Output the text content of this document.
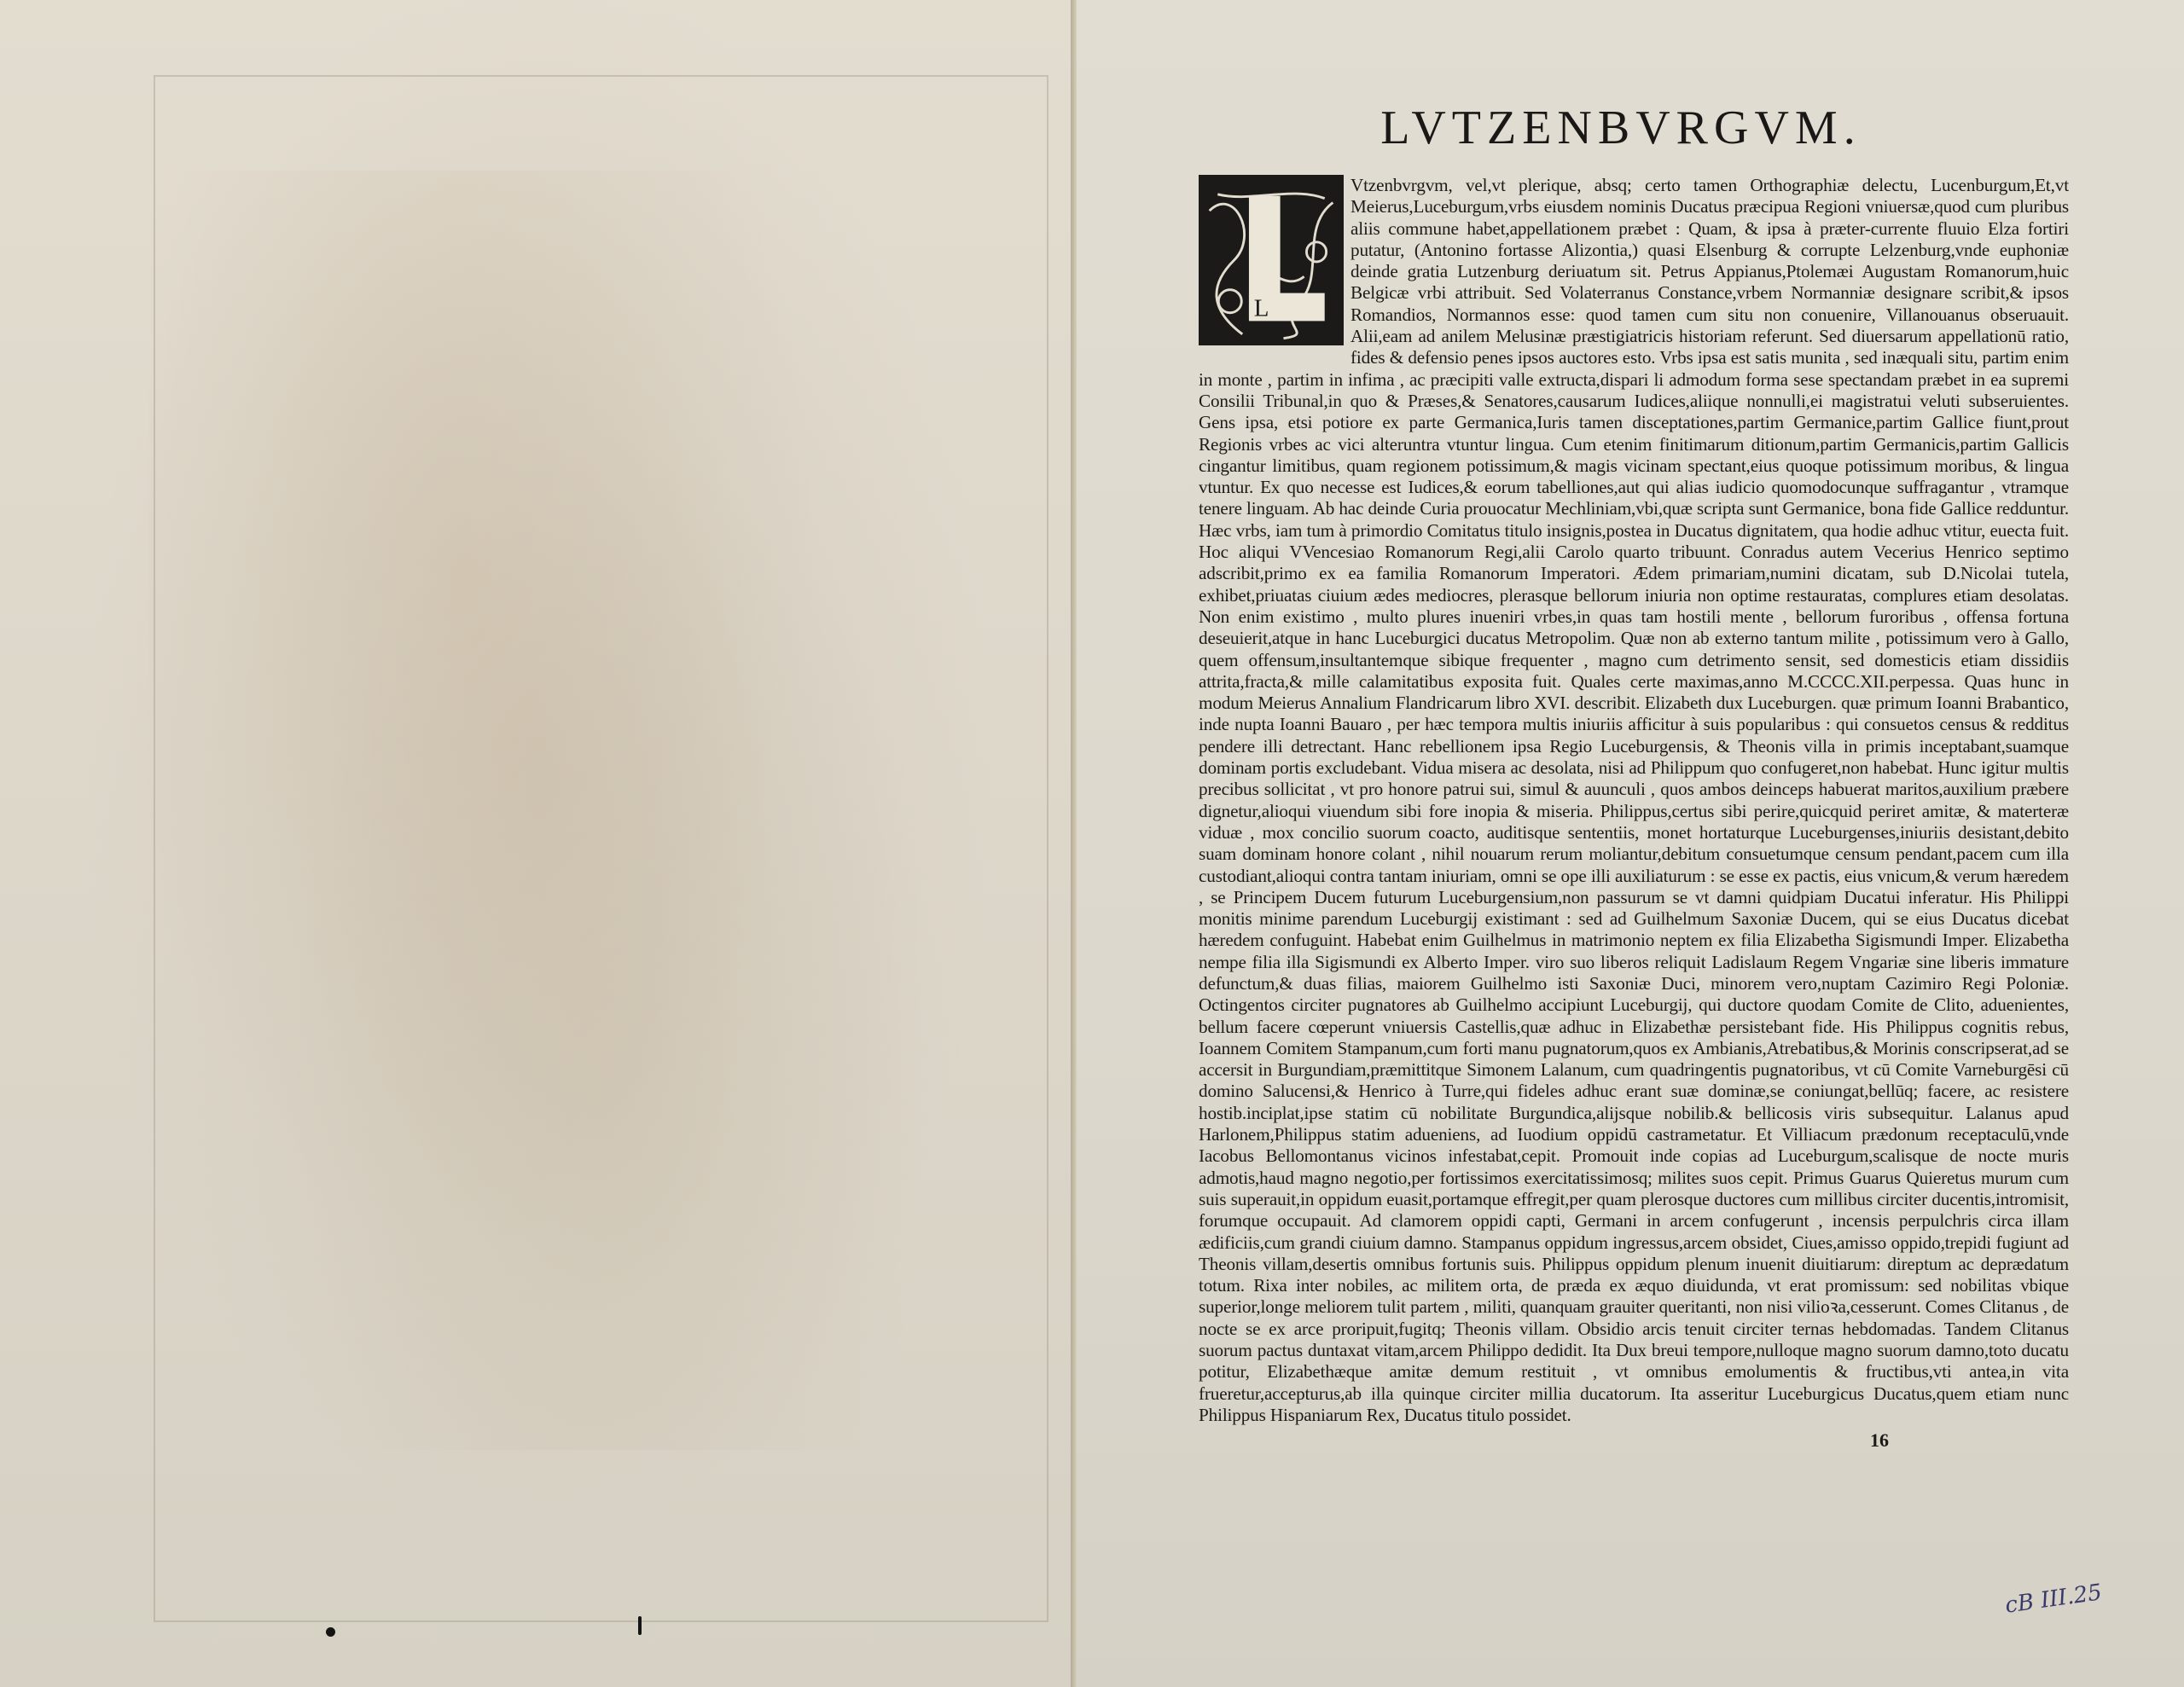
LVTZENBVRGVM.
L
Vtzenbvrgvm, vel,vt plerique, absq; certo tamen Orthographiæ delectu, Lucenburgum,Et,vt Meierus,Luceburgum,vrbs eiusdem nominis Ducatus præcipua Regioni vniuersæ,quod cum pluribus aliis commune habet,appellationem præbet : Quam, & ipsa à præter-currente fluuio Elza fortiri putatur, (Antonino fortasse Alizontia,) quasi Elsenburg & corrupte Lelzenburg,vnde euphoniæ deinde gratia Lutzenburg deriuatum sit. Petrus Appianus,Ptolemæi Augustam Romanorum,huic Belgicæ vrbi attribuit. Sed Volaterranus Constance,vrbem Normanniæ designare scribit,& ipsos Romandios, Normannos esse: quod tamen cum situ non conuenire, Villanouanus obseruauit. Alii,eam ad anilem Melusinæ præstigiatricis historiam referunt. Sed diuersarum appellationū ratio, fides & defensio penes ipsos auctores esto. Vrbs ipsa est satis munita , sed inæquali situ, partim enim in monte , partim in infima , ac præcipiti valle extructa,dispari li admodum forma sese spectandam præbet in ea supremi Consilii Tribunal,in quo & Præses,& Senatores,causarum Iudices,aliique nonnulli,ei magistratui veluti subseruientes. Gens ipsa, etsi potiore ex parte Germanica,Iuris tamen disceptationes,partim Germanice,partim Gallice fiunt,prout Regionis vrbes ac vici alteruntra vtuntur lingua. Cum etenim finitimarum ditionum,partim Germanicis,partim Gallicis cingantur limitibus, quam regionem potissimum,& magis vicinam spectant,eius quoque potissimum moribus, & lingua vtuntur. Ex quo necesse est Iudices,& eorum tabelliones,aut qui alias iudicio quomodocunque suffragantur , vtramque tenere linguam. Ab hac deinde Curia prouocatur Mechliniam,vbi,quæ scripta sunt Germanice, bona fide Gallice redduntur. Hæc vrbs, iam tum à primordio Comitatus titulo insignis,postea in Ducatus dignitatem, qua hodie adhuc vtitur, euecta fuit. Hoc aliqui VVencesiao Romanorum Regi,alii Carolo quarto tribuunt. Conradus autem Vecerius Henrico septimo adscribit,primo ex ea familia Romanorum Imperatori. Ædem primariam,numini dicatam, sub D.Nicolai tutela, exhibet,priuatas ciuium ædes mediocres, plerasque bellorum iniuria non optime restauratas, complures etiam desolatas. Non enim existimo , multo plures inueniri vrbes,in quas tam hostili mente , bellorum furoribus , offensa fortuna deseuierit,atque in hanc Luceburgici ducatus Metropolim. Quæ non ab externo tantum milite , potissimum vero à Gallo, quem offensum,insultantemque sibique frequenter , magno cum detrimento sensit, sed domesticis etiam dissidiis attrita,fracta,& mille calamitatibus exposita fuit. Quales certe maximas,anno M.CCCC.XII.perpessa. Quas hunc in modum Meierus Annalium Flandricarum libro XVI. describit. Elizabeth dux Luceburgen. quæ primum Ioanni Brabantico, inde nupta Ioanni Bauaro , per hæc tempora multis iniuriis afficitur à suis popularibus : qui consuetos census & redditus pendere illi detrectant. Hanc rebellionem ipsa Regio Luceburgensis, & Theonis villa in primis inceptabant,suamque dominam portis excludebant. Vidua misera ac desolata, nisi ad Philippum quo confugeret,non habebat. Hunc igitur multis precibus sollicitat , vt pro honore patrui sui, simul & auunculi , quos ambos deinceps habuerat maritos,auxilium præbere dignetur,alioqui viuendum sibi fore inopia & miseria. Philippus,certus sibi perire,quicquid periret amitæ, & materteræ viduæ , mox concilio suorum coacto, auditisque sententiis, monet hortaturque Luceburgenses,iniuriis desistant,debito suam dominam honore colant , nihil nouarum rerum moliantur,debitum consuetumque censum pendant,pacem cum illa custodiant,alioqui contra tantam iniuriam, omni se ope illi auxiliaturum : se esse ex pactis, eius vnicum,& verum hæredem , se Principem Ducem futurum Luceburgensium,non passurum se vt damni quidpiam Ducatui inferatur. His Philippi monitis minime parendum Luceburgij existimant : sed ad Guilhelmum Saxoniæ Ducem, qui se eius Ducatus dicebat hæredem confuguint. Habebat enim Guilhelmus in matrimonio neptem ex filia Elizabetha Sigismundi Imper. Elizabetha nempe filia illa Sigismundi ex Alberto Imper. viro suo liberos reliquit Ladislaum Regem Vngariæ sine liberis immature defunctum,& duas filias, maiorem Guilhelmo isti Saxoniæ Duci, minorem vero,nuptam Cazimiro Regi Poloniæ. Octingentos circiter pugnatores ab Guilhelmo accipiunt Luceburgij, qui ductore quodam Comite de Clito, aduenientes, bellum facere cœperunt vniuersis Castellis,quæ adhuc in Elizabethæ persistebant fide. His Philippus cognitis rebus, Ioannem Comitem Stampanum,cum forti manu pugnatorum,quos ex Ambianis,Atrebatibus,& Morinis conscripserat,ad se accersit in Burgundiam,præmittitque Simonem Lalanum, cum quadringentis pugnatoribus, vt cū Comite Varneburgēsi cū domino Salucensi,& Henrico à Turre,qui fideles adhuc erant suæ dominæ,se coniungat,bellūq; facere, ac resistere hostib.inciplat,ipse statim cū nobilitate Burgundica,alijsque nobilib.& bellicosis viris subsequitur. Lalanus apud Harlonem,Philippus statim adueniens, ad Iuodium oppidū castrametatur. Et Villiacum prædonum receptaculū,vnde Iacobus Bellomontanus vicinos infestabat,cepit. Promouit inde copias ad Luceburgum,scalisque de nocte muris admotis,haud magno negotio,per fortissimos exercitatissimosq; milites suos cepit. Primus Guarus Quieretus murum cum suis superauit,in oppidum euasit,portamque effregit,per quam plerosque ductores cum millibus circiter ducentis,intromisit, forumque occupauit. Ad clamorem oppidi capti, Germani in arcem confugerunt , incensis perpulchris circa illam ædificiis,cum grandi ciuium damno. Stampanus oppidum ingressus,arcem obsidet, Ciues,amisso oppido,trepidi fugiunt ad Theonis villam,desertis omnibus fortunis suis. Philippus oppidum plenum inuenit diuitiarum: direptum ac deprædatum totum. Rixa inter nobiles, ac militem orta, de præda ex æquo diuidunda, vt erat promissum: sed nobilitas vbique superior,longe meliorem tulit partem , militi, quanquam grauiter queritanti, non nisi vilioꝛa,cesserunt. Comes Clitanus , de nocte se ex arce proripuit,fugitq; Theonis villam. Obsidio arcis tenuit circiter ternas hebdomadas. Tandem Clitanus suorum pactus duntaxat vitam,arcem Philippo dedidit. Ita Dux breui tempore,nulloque magno suorum damno,toto ducatu potitur, Elizabethæque amitæ demum restituit , vt omnibus emolumentis & fructibus,vti antea,in vita frueretur,accepturus,ab illa quinque circiter millia ducatorum. Ita asseritur Luceburgicus Ducatus,quem etiam nunc Philippus Hispaniarum Rex, Ducatus titulo possidet.
16
cB III.25
